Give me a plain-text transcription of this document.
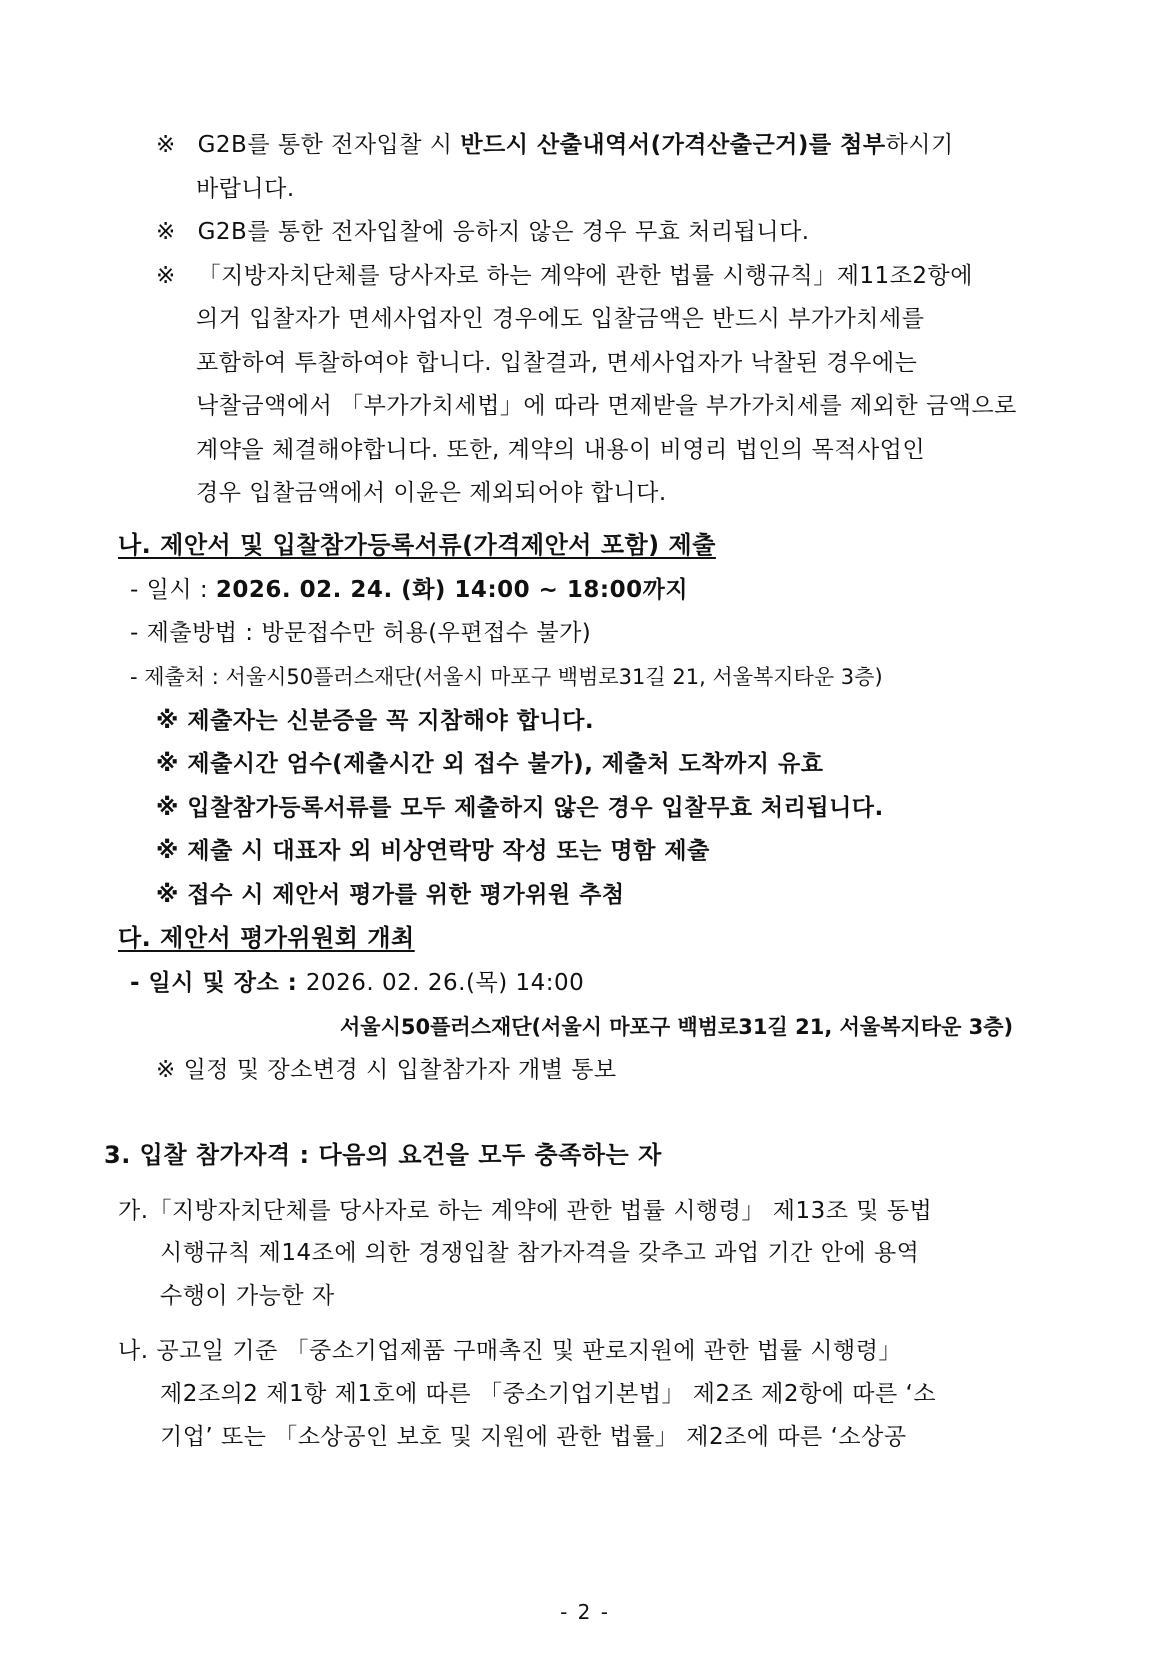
※ G2B를 통한 전자입찰 시 반드시 산출내역서(가격산출근거)를 첨부하시기
바랍니다.
※ G2B를 통한 전자입찰에 응하지 않은 경우 무효 처리됩니다.
※ 「지방자치단체를 당사자로 하는 계약에 관한 법률 시행규칙」제11조2항에
의거 입찰자가 면세사업자인 경우에도 입찰금액은 반드시 부가가치세를
포함하여 투찰하여야 합니다. 입찰결과, 면세사업자가 낙찰된 경우에는
낙찰금액에서 「부가가치세법」에 따라 면제받을 부가가치세를 제외한 금액으로
계약을 체결해야합니다. 또한, 계약의 내용이 비영리 법인의 목적사업인
경우 입찰금액에서 이윤은 제외되어야 합니다.
나. 제안서 및 입찰참가등록서류(가격제안서 포함) 제출
- 일시 : 2026. 02. 24. (화) 14:00 ~ 18:00까지
- 제출방법 : 방문접수만 허용(우편접수 불가)
- 제출처 : 서울시50플러스재단(서울시 마포구 백범로31길 21, 서울복지타운 3층)
※ 제출자는 신분증을 꼭 지참해야 합니다.
※ 제출시간 엄수(제출시간 외 접수 불가), 제출처 도착까지 유효
※ 입찰참가등록서류를 모두 제출하지 않은 경우 입찰무효 처리됩니다.
※ 제출 시 대표자 외 비상연락망 작성 또는 명함 제출
※ 접수 시 제안서 평가를 위한 평가위원 추첨
다. 제안서 평가위원회 개최
- 일시 및 장소 : 2026. 02. 26.(목) 14:00
서울시50플러스재단(서울시 마포구 백범로31길 21, 서울복지타운 3층)
※ 일정 및 장소변경 시 입찰참가자 개별 통보
3. 입찰 참가자격 : 다음의 요건을 모두 충족하는 자
가.「지방자치단체를 당사자로 하는 계약에 관한 법률 시행령」 제13조 및 동법
시행규칙 제14조에 의한 경쟁입찰 참가자격을 갖추고 과업 기간 안에 용역
수행이 가능한 자
나. 공고일 기준 「중소기업제품 구매촉진 및 판로지원에 관한 법률 시행령」
제2조의2 제1항 제1호에 따른 「중소기업기본법」 제2조 제2항에 따른 ‘소
기업’ 또는 「소상공인 보호 및 지원에 관한 법률」 제2조에 따른 ‘소상공
- 2 -
